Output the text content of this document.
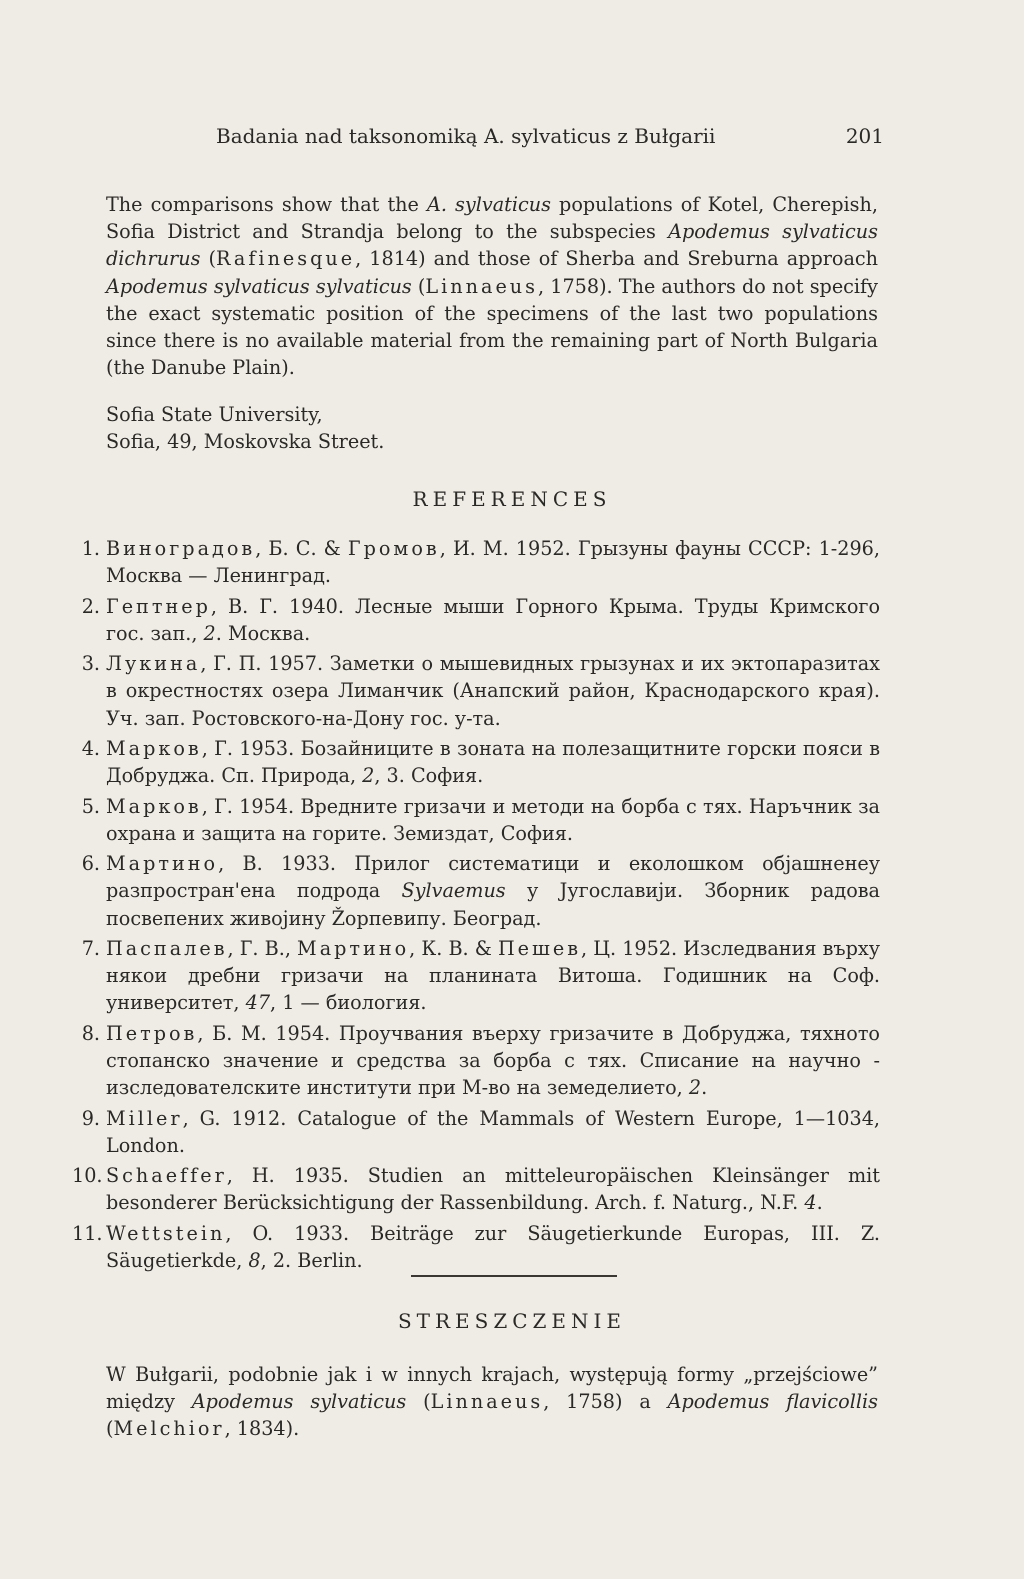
Badania nad taksonomiką A. sylvaticus z Bułgarii	201
The comparisons show that the A. sylvaticus populations of Kotel, Cherepish, Sofia District and Strandja belong to the subspecies Apodemus sylvaticus dichrurus (Rafinesque, 1814) and those of Sherba and Sreburna approach Apodemus sylvaticus sylvaticus (Linnaeus, 1758). The authors do not specify the exact systematic position of the specimens of the last two populations since there is no available material from the remaining part of North Bulgaria (the Danube Plain).
Sofia State University,
Sofia, 49, Moskovska Street.
REFERENCES
1. Виноградов, Б. С. & Громов, И. М. 1952. Грызуны фауны СССР: 1-296, Москва — Ленинград.
2. Гептнер, В. Г. 1940. Лесные мыши Горного Крыма. Труды Кримского гос. зап., 2. Москва.
3. Лукина, Г. П. 1957. Заметки о мышевидных грызунах и их эктопаразитах в окрестностях озера Лиманчик (Анапский район, Краснодарского края). Уч. зап. Ростовского-на-Дону гос. у-та.
4. Марков, Г. 1953. Бозайниците в зоната на полезащитните горски пояси в Добруджа. Сп. Природа, 2, 3. София.
5. Марков, Г. 1954. Вредните гризачи и методи на борба с тях. Наръчник за охрана и защита на горите. Земиздат, София.
6. Мартино, В. 1933. Прилог систематици и еколошком објашненеу разпростран'ена подрода Sylvaemus у Југославији. Зборник радова посвепених живојину Žорпевипу. Београд.
7. Паспалев, Г. В., Мартино, К. В. & Пешев, Ц. 1952. Изследвания върху някои дребни гризачи на планината Витоша. Годишник на Соф. университет, 47, 1 — биология.
8. Петров, Б. М. 1954. Проучвания въерху гризачите в Добруджа, тяхното стопанско значение и средства за борба с тях. Списание на научно - изследователските институти при М-во на земеделието, 2.
9. Miller, G. 1912. Catalogue of the Mammals of Western Europe, 1—1034, London.
10. Schaeffer, H. 1935. Studien an mitteleuropäischen Kleinsänger mit besonderer Berücksichtigung der Rassenbildung. Arch. f. Naturg., N.F. 4.
11. Wettstein, O. 1933. Beiträge zur Säugetierkunde Europas, III. Z. Säugetierkde, 8, 2. Berlin.
STRESZCZENIE
W Bułgarii, podobnie jak i w innych krajach, występują formy „przejściowe” między Apodemus sylvaticus (Linnaeus, 1758) a Apodemus flavicollis (Melchior, 1834).
